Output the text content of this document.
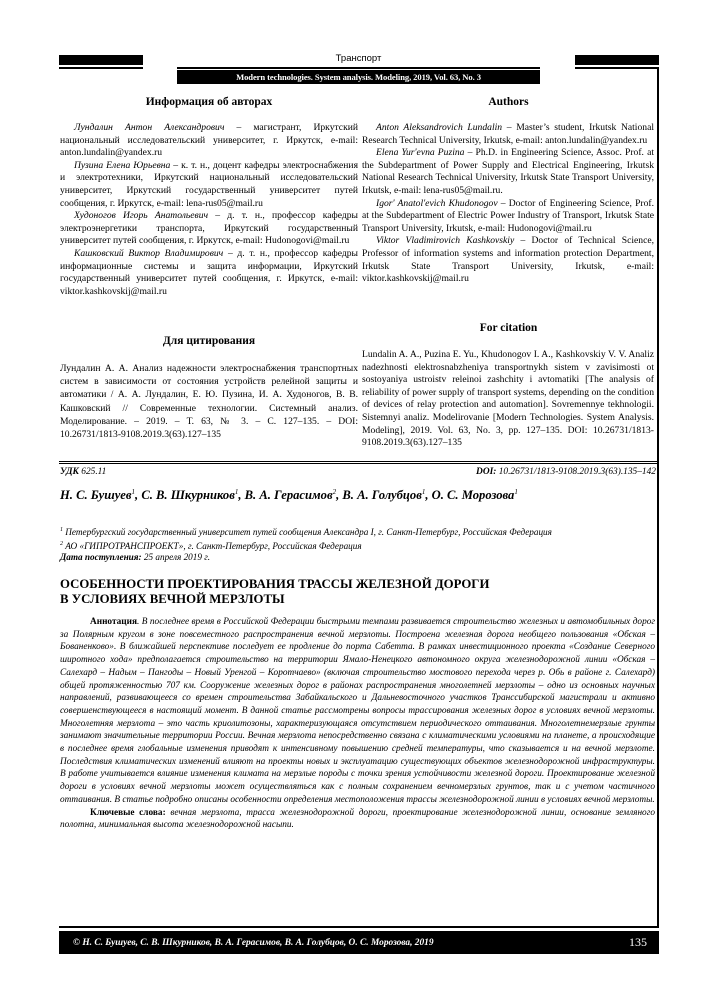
Транспорт
Modern technologies. System analysis. Modeling, 2019, Vol. 63, No. 3
Информация об авторах

Лундалин Антон Александрович – магистрант, Иркутский национальный исследовательский университет, г. Иркутск, e-mail: anton.lundalin@yandex.ru

Пузина Елена Юрьевна – к. т. н., доцент кафедры электроснабжения и электротехники, Иркутский национальный исследовательский университет, Иркутский государственный университет путей сообщения, г. Иркутск, e-mail: lena-rus05@mail.ru

Худоногов Игорь Анатольевич – д. т. н., профессор кафедры электроэнергетики транспорта, Иркутский государственный университет путей сообщения, г. Иркутск, e-mail: Hudonogovi@mail.ru

Кашковский Виктор Владимирович – д. т. н., профессор кафедры информационные системы и защита информации, Иркутский государственный университет путей сообщения, г. Иркутск, e-mail: viktor.kashkovskij@mail.ru

Для цитирования

Лундалин А. А. Анализ надежности электроснабжения транспортных систем в зависимости от состояния устройств релейной защиты и автоматики / А. А. Лундалин, Е. Ю. Пузина, И. А. Худоногов, В. В. Кашковский // Современные технологии. Системный анализ. Моделирование. – 2019. – Т. 63, № 3. – С. 127–135. – DOI: 10.26731/1813-9108.2019.3(63).127–135

Authors

Anton Aleksandrovich Lundalin – Master’s student, Irkutsk National Research Technical University, Irkutsk, e-mail: anton.lundalin@yandex.ru

Elena Yur'evna Puzina – Ph.D. in Engineering Science, Assoc. Prof. at the Subdepartment of Power Supply and Electrical Engineering, Irkutsk National Research Technical University, Irkutsk State Transport University, Irkutsk, e-mail: lena-rus05@mail.ru.

Igor' Anatol'evich Khudonogov – Doctor of Engineering Science, Prof. at the Subdepartment of Electric Power Industry of Transport, Irkutsk State Transport University, Irkutsk, e-mail: Hudonogovi@mail.ru

Viktor Vladimirovich Kashkovskiy – Doctor of Technical Science, Professor of information systems and information protection Department, Irkutsk State Transport University, Irkutsk, e-mail: viktor.kashkovskij@mail.ru

For citation

Lundalin A. A., Puzina E. Yu., Khudonogov I. A., Kashkovskiy V. V. Analiz nadezhnosti elektrosnabzheniya transportnykh sistem v zavisimosti ot sostoyaniya ustroistv releinoi zashchity i avtomatiki [The analysis of reliability of power supply of transport systems, depending on the condition of devices of relay protection and automation]. Sovremennye tekhnologii. Sistemnyi analiz. Modelirovanie [Modern Technologies. System Analysis. Modeling], 2019. Vol. 63, No. 3, pp. 127–135. DOI: 10.26731/1813-9108.2019.3(63).127–135

УДК 625.11	DOI: 10.26731/1813-9108.2019.3(63).135–142
Н. С. Бушуев$^1$, С. В. Шкурников$^1$, В. А. Герасимов$^2$, В. А. Голубцов$^1$, О. С. Морозова$^1$
$^1$ Петербургский государственный университет путей сообщения Александра I, г. Санкт-Петербург, Российская Федерация
$^2$ АО «ГИПРОТРАНСПРОЕКТ», г. Санкт-Петербург, Российская Федерация
Дата поступления: 25 апреля 2019 г.
ОСОБЕННОСТИ ПРОЕКТИРОВАНИЯ ТРАССЫ ЖЕЛЕЗНОЙ ДОРОГИ
В УСЛОВИЯХ ВЕЧНОЙ МЕРЗЛОТЫ

Аннотация. В последнее время в Российской Федерации быстрыми темпами развивается строительство железных и автомобильных дорог за Полярным кругом в зоне повсеместного распространения вечной мерзлоты. Построена железная дорога необщего пользования «Обская – Бованенково». В ближайшей перспективе последует ее продление до порта Сабетта. В рамках инвестиционного проекта «Создание Северного широтного хода» предполагается строительство на территории Ямало-Ненецкого автономного округа железнодорожной линии «Обская – Салехард – Надым – Пангоды – Новый Уренгой – Коротчаево» (включая строительство мостового перехода через р. Обь в районе г. Салехард) общей протяженностью 707 км. Сооружение железных дорог в районах распространения многолетней мерзлоты – одно из основных научных направлений, развивающееся со времен строительства Забайкальского и Дальневосточного участков Транссибирской магистрали и активно совершенствующееся в настоящий момент. В данной статье рассмотрены вопросы трассирования железных дорог в условиях вечной мерзлоты. Многолетняя мерзлота – это часть криолитозоны, характеризующаяся отсутствием периодического оттаивания. Многолетнемерзлые грунты занимают значительные территории России. Вечная мерзлота непосредственно связана с климатическими условиями на планете, а происходящие в последнее время глобальные изменения приводят к интенсивному повышению средней температуры, что сказывается и на вечной мерзлоте. Последствия климатических изменений влияют на проекты новых и эксплуатацию существующих объектов железнодорожной инфраструктуры. В работе учитывается влияние изменения климата на мерзлые породы с точки зрения устойчивости железной дороги. Проектирование железной дороги в условиях вечной мерзлоты может осуществляться как с полным сохранением вечномерзлых грунтов, так и с учетом частичного оттаивания. В статье подробно описаны особенности определения местоположения трассы железнодорожной линии в условиях вечной мерзлоты.

Ключевые слова: вечная мерзлота, трасса железнодорожной дороги, проектирование железнодорожной линии, основание земляного полотна, минимальная высота железнодорожной насыпи.

© Н. С. Бушуев, С. В. Шкурников, В. А. Герасимов, В. А. Голубцов, О. С. Морозова, 2019	135
